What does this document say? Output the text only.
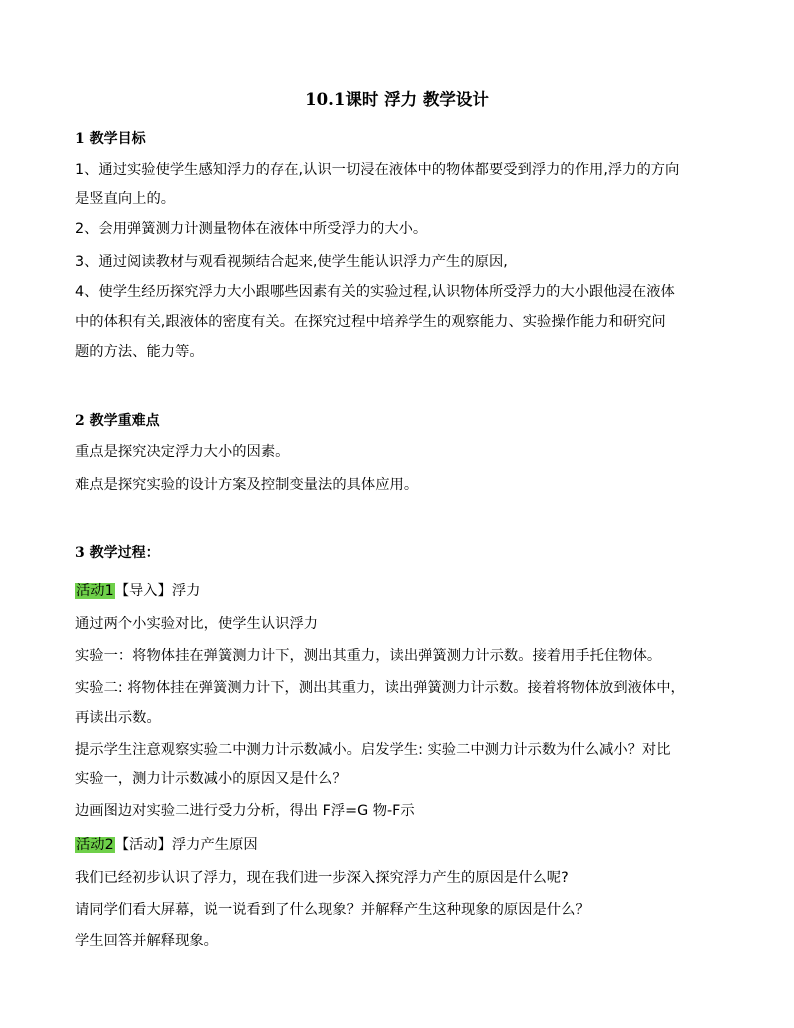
10.1课时 浮力 教学设计
1 教学目标
1、通过实验使学生感知浮力的存在,认识一切浸在液体中的物体都要受到浮力的作用,浮力的方向
是竖直向上的。
2、会用弹簧测力计测量物体在液体中所受浮力的大小。
3、通过阅读教材与观看视频结合起来,使学生能认识浮力产生的原因,
4、使学生经历探究浮力大小跟哪些因素有关的实验过程,认识物体所受浮力的大小跟他浸在液体
中的体积有关,跟液体的密度有关。在探究过程中培养学生的观察能力、实验操作能力和研究问
题的方法、能力等。
2 教学重难点
重点是探究决定浮力大小的因素。
难点是探究实验的设计方案及控制变量法的具体应用。
3 教学过程：
活动1【导入】浮力
通过两个小实验对比，使学生认识浮力
实验一：将物体挂在弹簧测力计下，测出其重力，读出弹簧测力计示数。接着用手托住物体。
实验二: 将物体挂在弹簧测力计下，测出其重力，读出弹簧测力计示数。接着将物体放到液体中，
再读出示数。
提示学生注意观察实验二中测力计示数减小。启发学生: 实验二中测力计示数为什么减小？对比
实验一，测力计示数减小的原因又是什么？
边画图边对实验二进行受力分析，得出 F浮=G 物-F示
活动2【活动】浮力产生原因
我们已经初步认识了浮力，现在我们进一步深入探究浮力产生的原因是什么呢?
请同学们看大屏幕，说一说看到了什么现象？并解释产生这种现象的原因是什么？
学生回答并解释现象。
